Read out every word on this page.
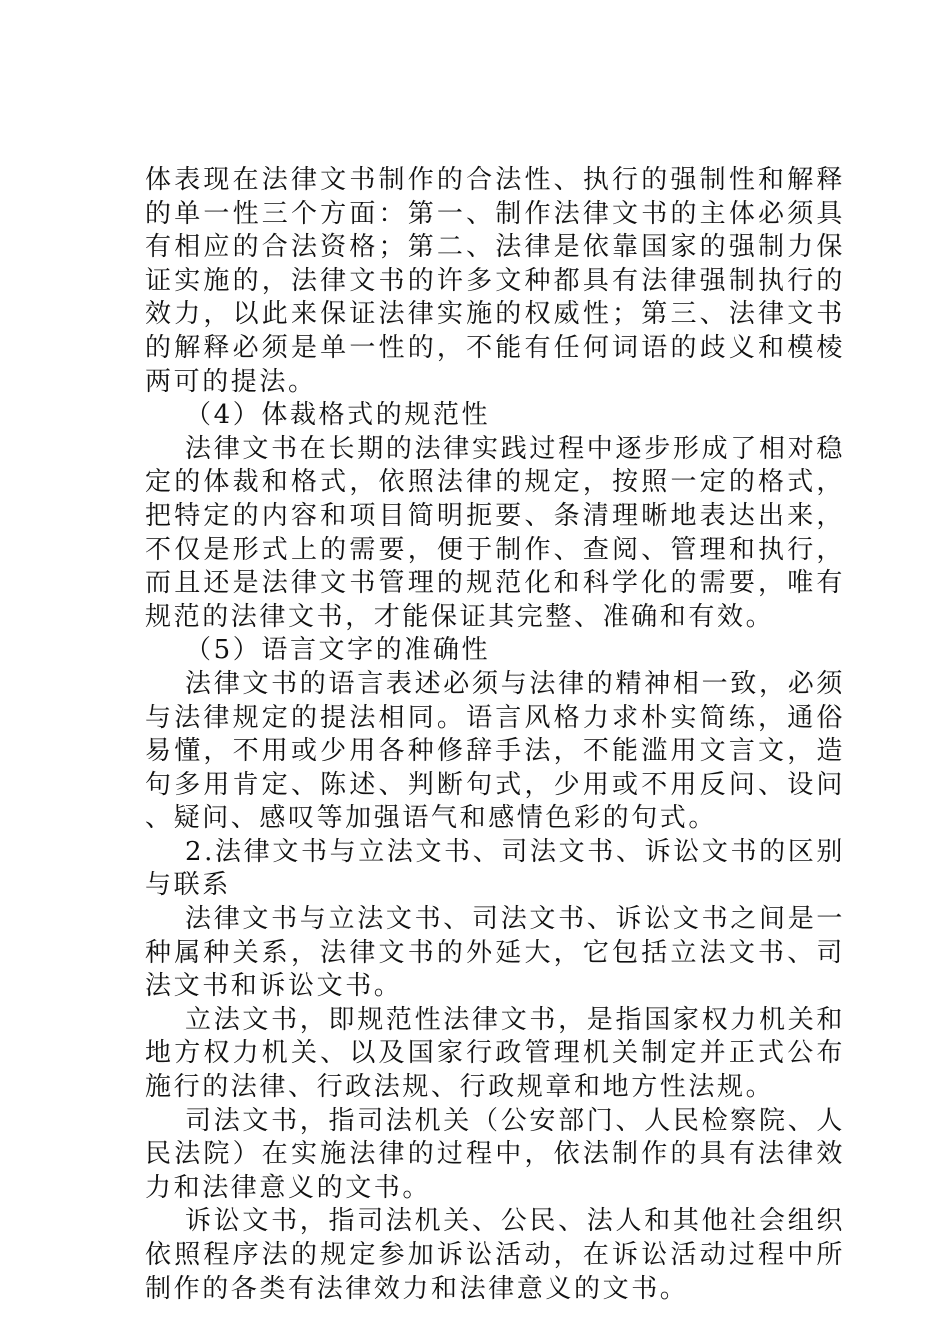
体表现在法律文书制作的合法性、执行的强制性和解释的单一性三个方面：第一、制作法律文书的主体必须具有相应的合法资格；第二、法律是依靠国家的强制力保证实施的，法律文书的许多文种都具有法律强制执行的效力，以此来保证法律实施的权威性；第三、法律文书的解释必须是单一性的，不能有任何词语的歧义和模棱两可的提法。

（4）体裁格式的规范性

法律文书在长期的法律实践过程中逐步形成了相对稳定的体裁和格式，依照法律的规定，按照一定的格式，把特定的内容和项目简明扼要、条清理晰地表达出来，不仅是形式上的需要，便于制作、查阅、管理和执行，而且还是法律文书管理的规范化和科学化的需要，唯有规范的法律文书，才能保证其完整、准确和有效。

（5）语言文字的准确性

法律文书的语言表述必须与法律的精神相一致，必须与法律规定的提法相同。语言风格力求朴实简练，通俗易懂，不用或少用各种修辞手法，不能滥用文言文，造句多用肯定、陈述、判断句式，少用或不用反问、设问、疑问、感叹等加强语气和感情色彩的句式。

2.法律文书与立法文书、司法文书、诉讼文书的区别与联系

法律文书与立法文书、司法文书、诉讼文书之间是一种属种关系，法律文书的外延大，它包括立法文书、司法文书和诉讼文书。

立法文书，即规范性法律文书，是指国家权力机关和地方权力机关、以及国家行政管理机关制定并正式公布施行的法律、行政法规、行政规章和地方性法规。

司法文书，指司法机关（公安部门、人民检察院、人民法院）在实施法律的过程中，依法制作的具有法律效力和法律意义的文书。

诉讼文书，指司法机关、公民、法人和其他社会组织依照程序法的规定参加诉讼活动，在诉讼活动过程中所制作的各类有法律效力和法律意义的文书。
